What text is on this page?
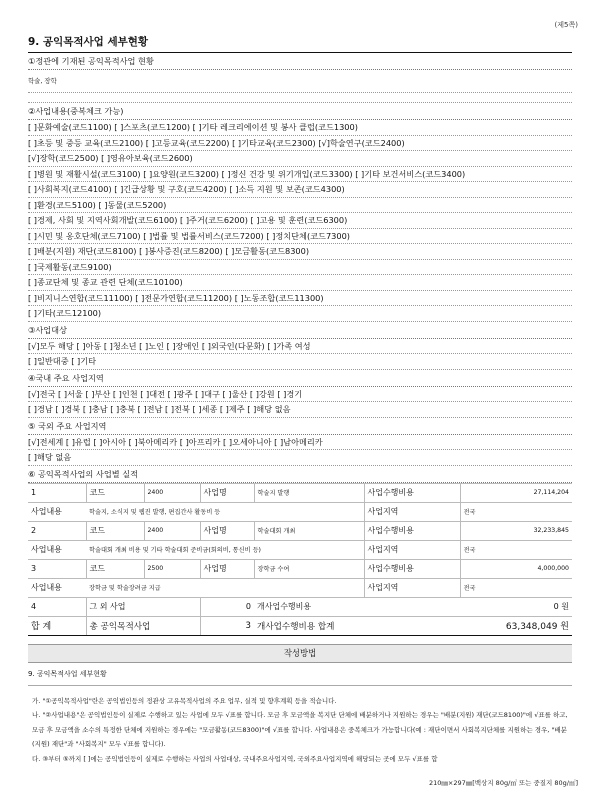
(제5쪽)
9. 공익목적사업 세부현황
①정관에 기재된 공익목적사업 현황
학술, 장학
②사업내용(중복체크 가능)
[ ]문화예술(코드1100) [ ]스포츠(코드1200) [ ]기타 레크리에이션 및 봉사 클럽(코드1300)
[ ]초등 및 중등 교육(코드2100) [ ]고등교육(코드2200) [ ]기타교육(코드2300) [√]학술연구(코드2400)
[√]장학(코드2500) [ ]영유아보육(코드2600)
[ ]병원 및 재활시설(코드3100) [ ]요양원(코드3200) [ ]정신 건강 및 위기개입(코드3300) [ ]기타 보건서비스(코드3400)
[ ]사회복지(코드4100) [ ]긴급상황 및 구호(코드4200) [ ]소득 지원 및 보존(코드4300)
[ ]환경(코드5100) [ ]동물(코드5200)
[ ]경제, 사회 및 지역사회개발(코드6100) [ ]주거(코드6200) [ ]고용 및 훈련(코드6300)
[ ]시민 및 옹호단체(코드7100) [ ]법률 및 법률서비스(코드7200) [ ]정치단체(코드7300)
[ ]배분(지원) 재단(코드8100) [ ]봉사증진(코드8200) [ ]모금활동(코드8300)
[ ]국제활동(코드9100)
[ ]종교단체 및 종교 관련 단체(코드10100)
[ ]비지니스연합(코드11100) [ ]전문가연합(코드11200) [ ]노동조합(코드11300)
[ ]기타(코드12100)
③사업대상
[√]모두 해당 [ ]아동 [ ]청소년 [ ]노인 [ ]장애인 [ ]외국인(다문화) [ ]가족 여성
[ ]일반대중 [ ]기타
④국내 주요 사업지역
[√]전국 [ ]서울 [ ]부산 [ ]인천 [ ]대전 [ ]광주 [ ]대구 [ ]울산 [ ]강원 [ ]경기
[ ]경남 [ ]경북 [ ]충남 [ ]충북 [ ]전남 [ ]전북 [ ]세종 [ ]제주 [ ]해당 없음
⑤ 국외 주요 사업지역
[√]전세계 [ ]유럽 [ ]아시아 [ ]북아메리카 [ ]아프리카 [ ]오세아니아 [ ]남아메리카
[ ]해당 없음
⑥ 공익목적사업의 사업별 실적
1	코드	2400	사업명	학술지 발행	사업수행비용	27,114,204
사업내용	학술지, 소식지 및 웹진 발행, 편집간사 활동비 등				사업지역	전국
2	코드	2400	사업명	학술대회 개최	사업수행비용	32,233,845
사업내용	학술대회 개최 비용 및 기타 학술대회 준비금(회의비, 통신비 등)				사업지역	전국
3	코드	2500	사업명	장학금 수여	사업수행비용	4,000,000
사업내용	장학금 및 학술장려금 지급				사업지역	전국
4	그 외 사업		0	개사업수행비용	0 원	
합 계	총 공익목적사업		3	개사업수행비용 합계	63,348,049 원	
작성방법
9. 공익목적사업 세부현황
가. "①공익목적사업"란은 공익법인등의 정관상 고유목적사업의 주요 업무, 실적 및 향후계획 등을 적습니다.
나. "②사업내용"은 공익법인등이 실제로 수행하고 있는 사업에 모두 √표를 합니다. 모금 후 모금액을 복지단 단체에 배분하거나 지원하는 경우는 "배분(지원) 재단(코드8100)"에 √표를 하고, 모금 후 모금액을 소수의 특정한 단체에 지원하는 경우에는 "모금활동(코드8300)"에 √표를 합니다. 사업내용은 중복체크가 가능합니다(예 : 재단이면서 사회복지단체를 지원하는 경우, "배분(지원) 재단"과 "사회복지" 모두 √표를 합니다).
다. ③부터 ⑤까지 [ ]에는 공익법인등이 실제로 수행하는 사업의 사업대상, 국내주요사업지역, 국외주요사업지역에 해당되는 곳에 모두 √표를 합
210㎜×297㎜[백상지 80g/㎡ 또는 중질지 80g/㎡]
